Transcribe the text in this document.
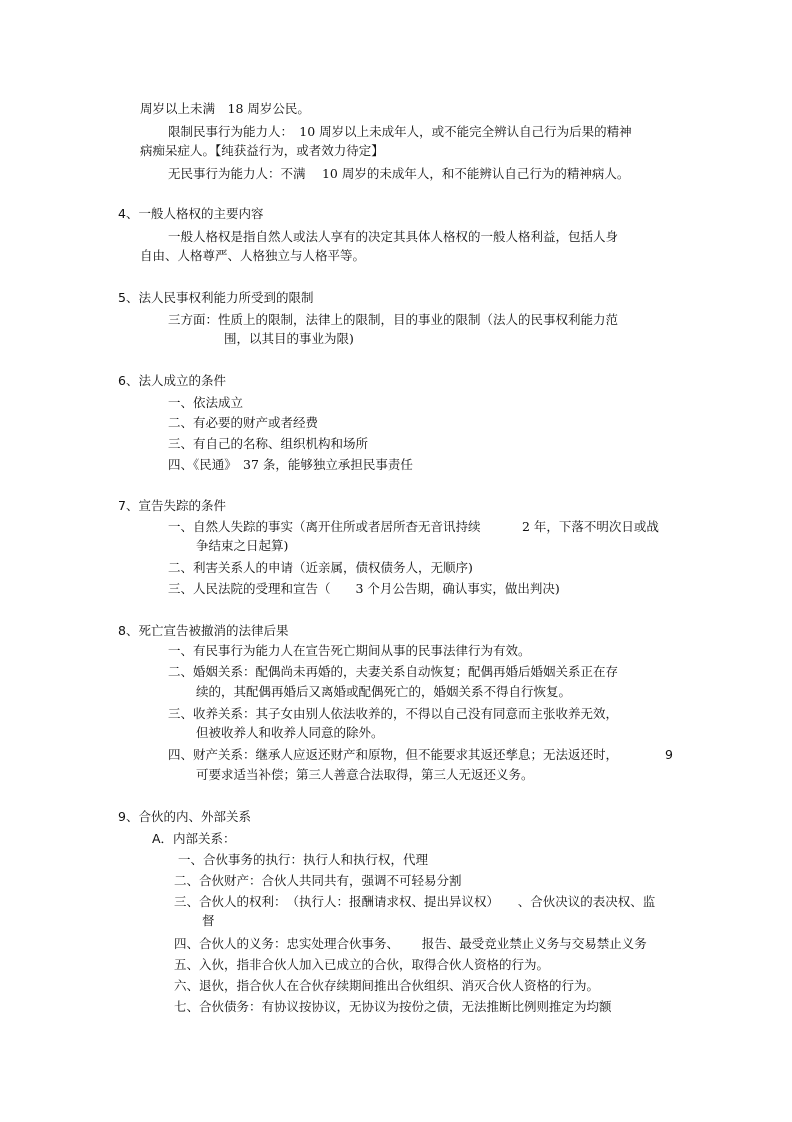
周岁以上未满　18 周岁公民。
限制民事行为能力人：　10 周岁以上未成年人，或不能完全辨认自己行为后果的精神
病痴呆症人。【纯获益行为，或者效力待定】
无民事行为能力人：不满　 10 周岁的未成年人，和不能辨认自己行为的精神病人。
4、一般人格权的主要内容
一般人格权是指自然人或法人享有的决定其具体人格权的一般人格利益，包括人身
自由、人格尊严、人格独立与人格平等。
5、法人民事权利能力所受到的限制
三方面：性质上的限制，法律上的限制，目的事业的限制（法人的民事权利能力范
围，以其目的事业为限)
6、法人成立的条件
一、依法成立
二、有必要的财产或者经费
三、有自己的名称、组织机构和场所
四、《民通》　37 条，能够独立承担民事责任
7、宣告失踪的条件
一、自然人失踪的事实（离开住所或者居所杳无音讯持续　　　 2 年，下落不明次日或战
争结束之日起算)
二、利害关系人的申请（近亲属，债权债务人，无顺序)
三、人民法院的受理和宣告（　　3 个月公告期，确认事实，做出判决)
8、死亡宣告被撤消的法律后果
一、有民事行为能力人在宣告死亡期间从事的民事法律行为有效。
二、婚姻关系：配偶尚未再婚的，夫妻关系自动恢复；配偶再婚后婚姻关系正在存
续的，其配偶再婚后又离婚或配偶死亡的，婚姻关系不得自行恢复。
三、收养关系：其子女由别人依法收养的，不得以自己没有同意而主张收养无效，
但被收养人和收养人同意的除外。
四、财产关系：继承人应返还财产和原物，但不能要求其返还孳息；无法返还时，	9
可要求适当补偿；第三人善意合法取得，第三人无返还义务。
9、合伙的内、外部关系
A．内部关系：
一、合伙事务的执行：执行人和执行权，代理
二、合伙财产：合伙人共同共有，强调不可轻易分割
三、合伙人的权利：　（执行人：报酬请求权、提出异议权）　　、合伙决议的表决权、监
督
四、合伙人的义务：忠实处理合伙事务、　　 报告、最受竞业禁止义务与交易禁止义务
五、入伙，指非合伙人加入已成立的合伙，取得合伙人资格的行为。
六、退伙，指合伙人在合伙存续期间推出合伙组织、消灭合伙人资格的行为。
七、合伙债务：有协议按协议，无协议为按份之债，无法推断比例则推定为均额
